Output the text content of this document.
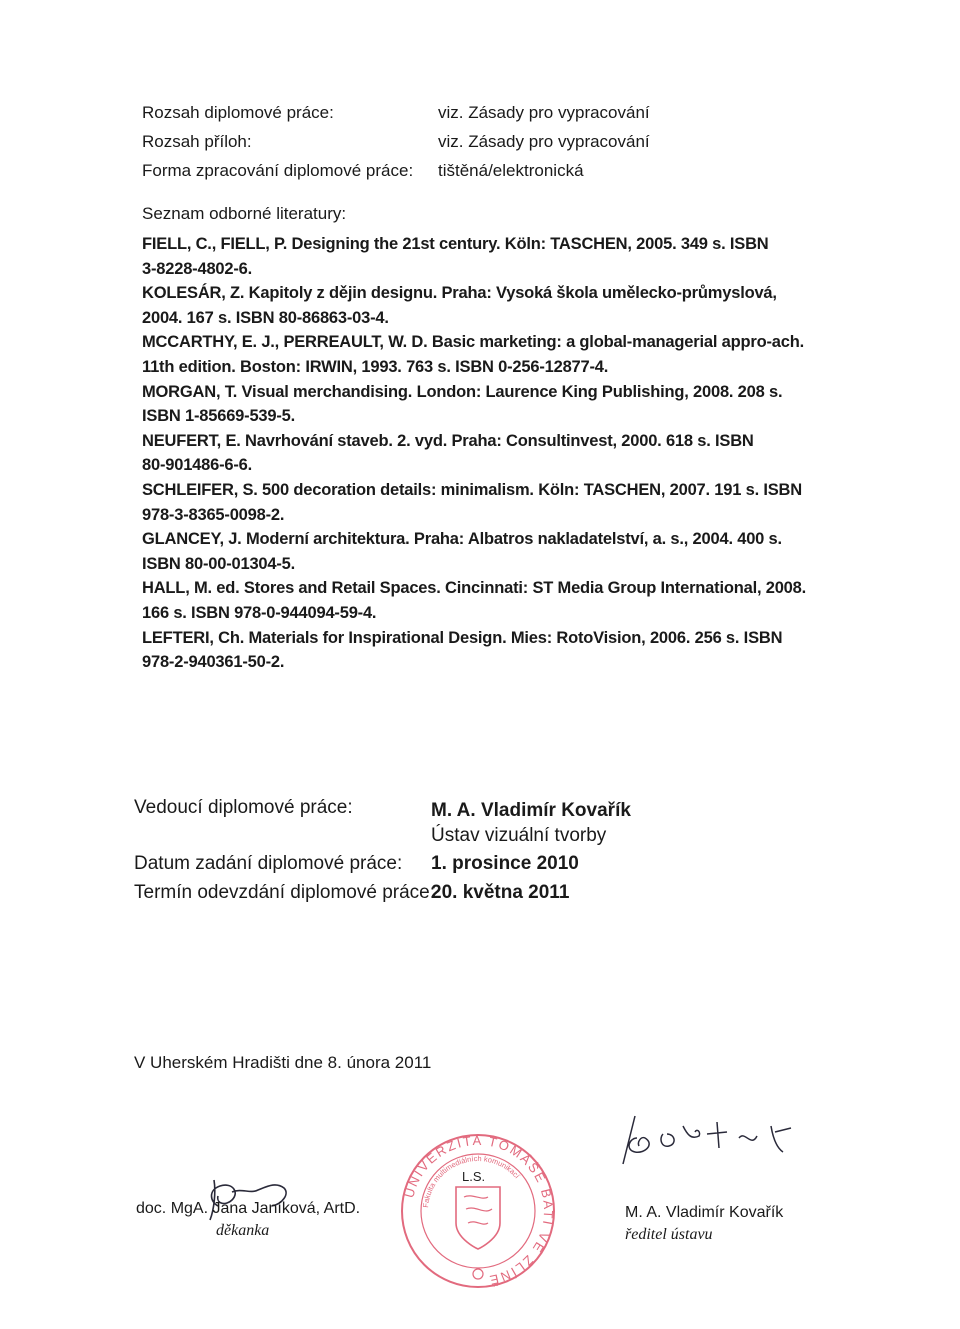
Rozsah diplomové práce:	viz. Zásady pro vypracování
Rozsah příloh:	viz. Zásady pro vypracování
Forma zpracování diplomové práce: tištěná/elektronická
Seznam odborné literatury:
FIELL, C., FIELL, P. Designing the 21st century. Köln: TASCHEN, 2005. 349 s. ISBN
3-8228-4802-6.
KOLESÁR, Z. Kapitoly z dějin designu. Praha: Vysoká škola umělecko-průmyslová,
2004. 167 s. ISBN 80-86863-03-4.
MCCARTHY, E. J., PERREAULT, W. D. Basic marketing: a global-managerial appro-ach.
11th edition. Boston: IRWIN, 1993. 763 s. ISBN 0-256-12877-4.
MORGAN, T. Visual merchandising. London: Laurence King Publishing, 2008. 208 s.
ISBN 1-85669-539-5.
NEUFERT, E. Navrhování staveb. 2. vyd. Praha: Consultinvest, 2000. 618 s. ISBN
80-901486-6-6.
SCHLEIFER, S. 500 decoration details: minimalism. Köln: TASCHEN, 2007. 191 s. ISBN
978-3-8365-0098-2.
GLANCEY, J. Moderní architektura. Praha: Albatros nakladatelství, a. s., 2004. 400 s.
ISBN 80-00-01304-5.
HALL, M. ed. Stores and Retail Spaces. Cincinnati: ST Media Group International, 2008.
166 s. ISBN 978-0-944094-59-4.
LEFTERI, Ch. Materials for Inspirational Design. Mies: RotoVision, 2006. 256 s. ISBN
978-2-940361-50-2.
Vedoucí diplomové práce:	M. A. Vladimír Kovařík
Ústav vizuální tvorby
Datum zadání diplomové práce: 1. prosince 2010
Termín odevzdání diplomové práce:
20. května 2011
V Uherském Hradišti dne 8. února 2011
doc. MgA. Jana Janíková, ArtD.
děkanka
M. A. Vladimír Kovařík
ředitel ústavu
UNIVERZITA TOMÁŠE BATI VE ZLÍNĚ
Fakulta multimediálních komunikací
L.S.
